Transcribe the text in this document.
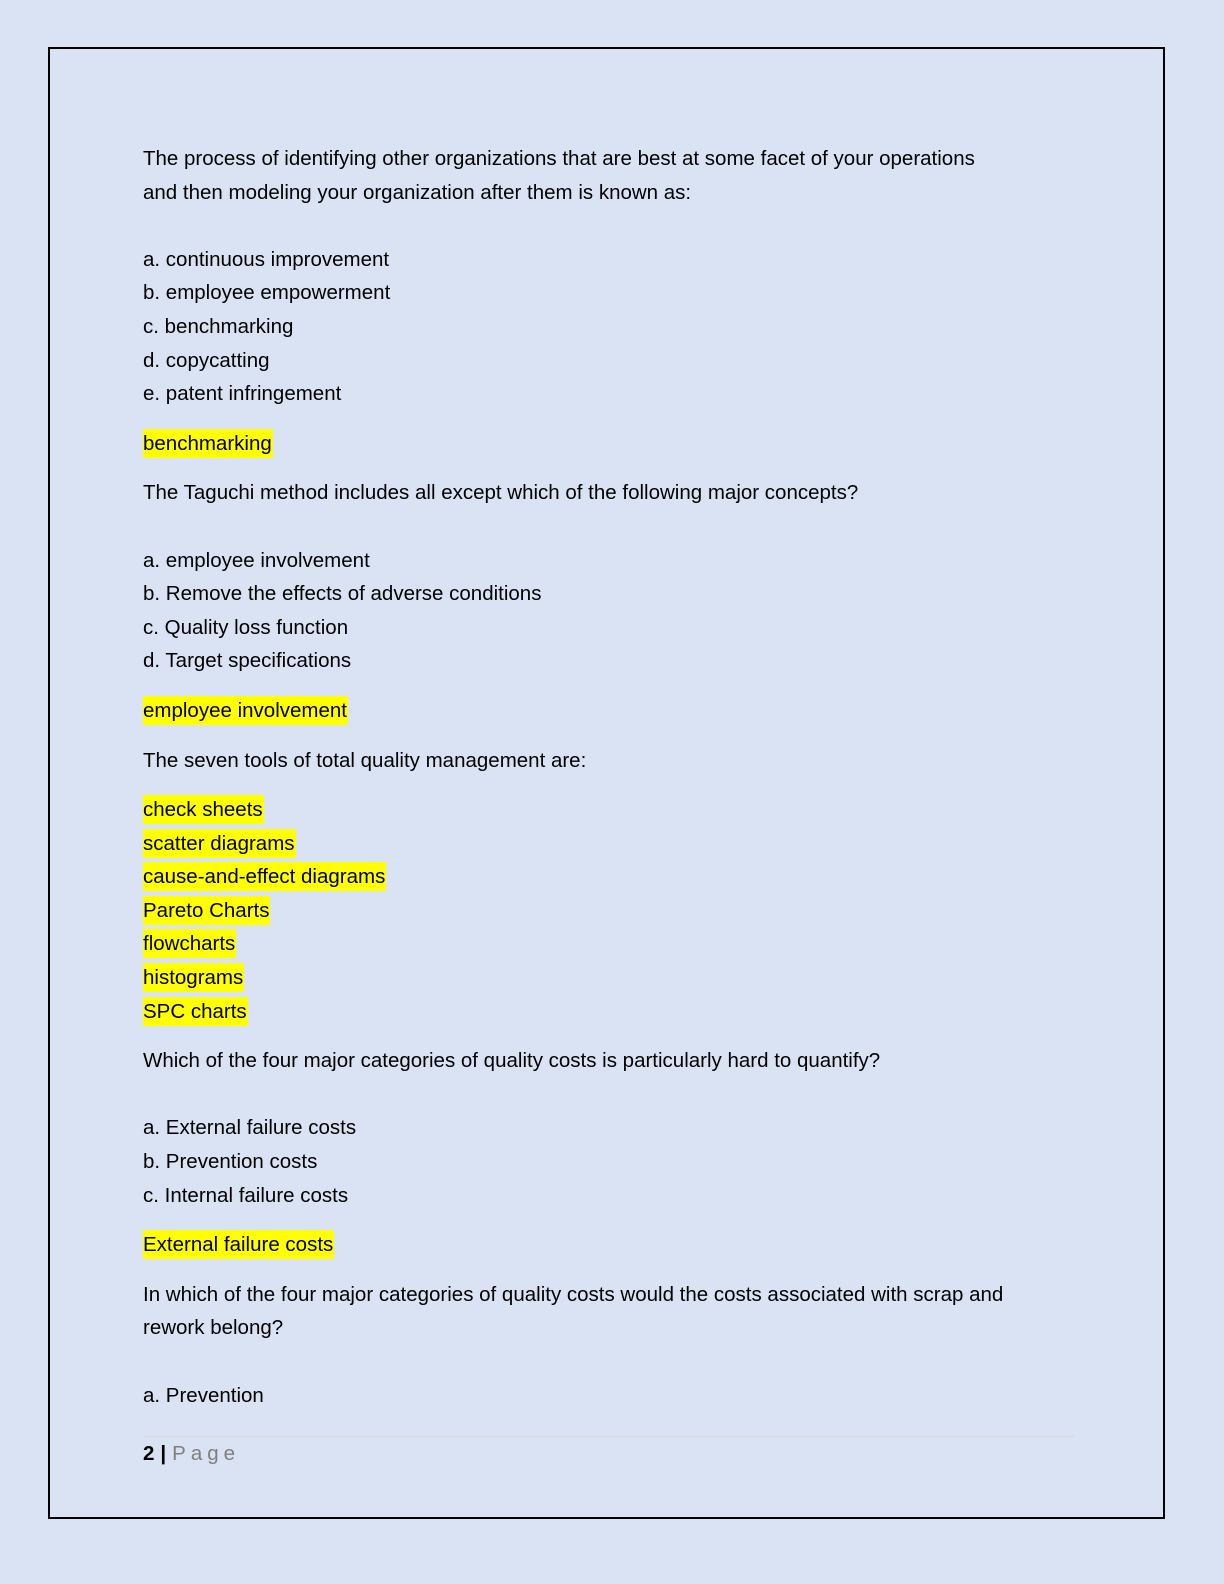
The process of identifying other organizations that are best at some facet of your operations

and then modeling your organization after them is known as:

a. continuous improvement

b. employee empowerment

c. benchmarking

d. copycatting

e. patent infringement

benchmarking

The Taguchi method includes all except which of the following major concepts?

a. employee involvement

b. Remove the effects of adverse conditions

c. Quality loss function

d. Target specifications

employee involvement

The seven tools of total quality management are:

check sheets

scatter diagrams

cause-and-effect diagrams

Pareto Charts

flowcharts

histograms

SPC charts

Which of the four major categories of quality costs is particularly hard to quantify?

a. External failure costs

b. Prevention costs

c. Internal failure costs

External failure costs

In which of the four major categories of quality costs would the costs associated with scrap and

rework belong?

a. Prevention

2 | Page
